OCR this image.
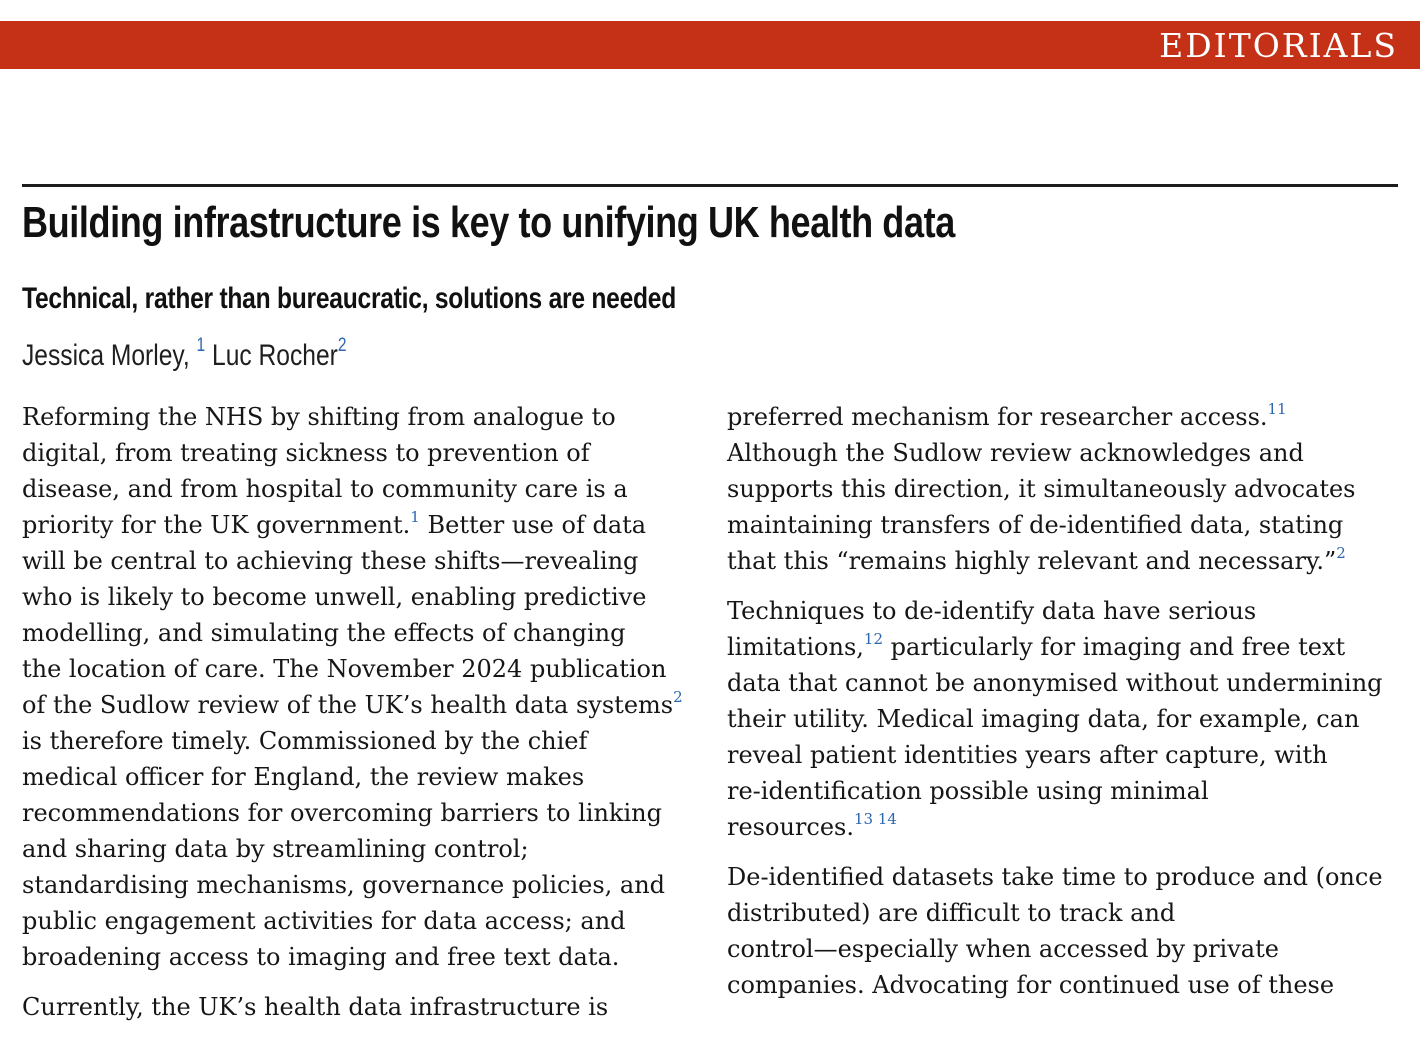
EDITORIALS
Building infrastructure is key to unifying UK health data
Technical, rather than bureaucratic, solutions are needed
Jessica Morley, $^1$ Luc Rocher$^2$
Reforming the NHS by shifting from analogue to
digital, from treating sickness to prevention of
disease, and from hospital to community care is a
priority for the UK government.$^1$ Better use of data
will be central to achieving these shifts—revealing
who is likely to become unwell, enabling predictive
modelling, and simulating the effects of changing
the location of care. The November 2024 publication
of the Sudlow review of the UK’s health data systems$^2$
is therefore timely. Commissioned by the chief
medical officer for England, the review makes
recommendations for overcoming barriers to linking
and sharing data by streamlining control;
standardising mechanisms, governance policies, and
public engagement activities for data access; and
broadening access to imaging and free text data.
Currently, the UK’s health data infrastructure is
preferred mechanism for researcher access.$^{11}$
Although the Sudlow review acknowledges and
supports this direction, it simultaneously advocates
maintaining transfers of de-identified data, stating
that this “remains highly relevant and necessary.”$^2$
Techniques to de-identify data have serious
limitations,$^{12}$ particularly for imaging and free text
data that cannot be anonymised without undermining
their utility. Medical imaging data, for example, can
reveal patient identities years after capture, with
re-identification possible using minimal
resources.$^{13 14}$
De-identified datasets take time to produce and (once
distributed) are difficult to track and
control—especially when accessed by private
companies. Advocating for continued use of these
